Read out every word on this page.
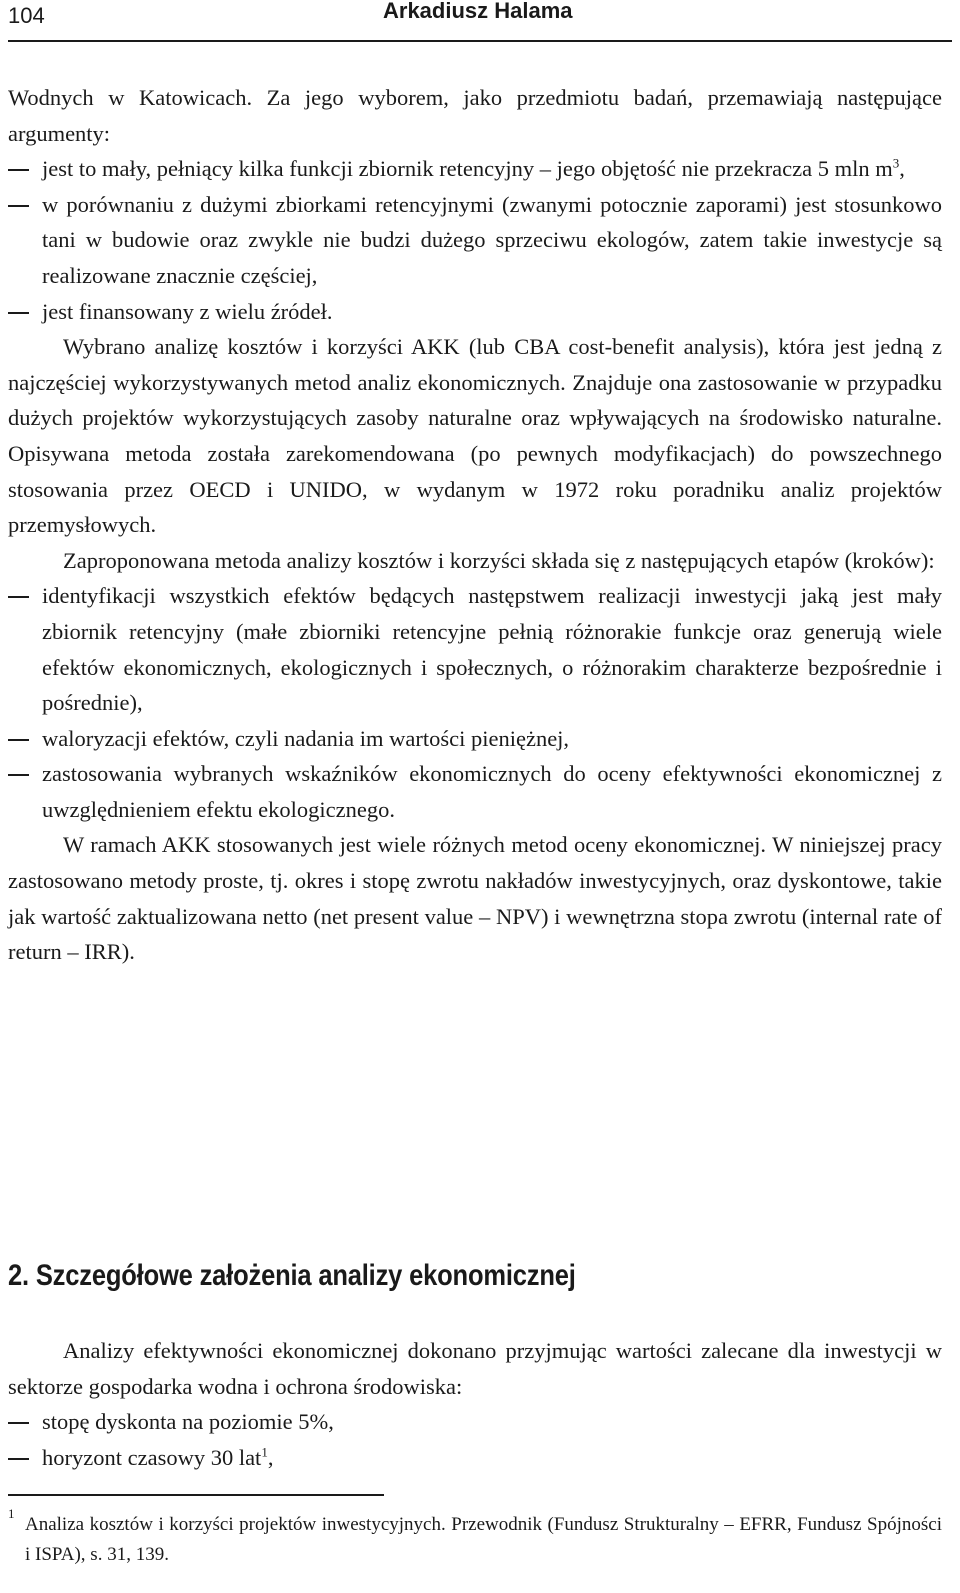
104	Arkadiusz Halama

Wodnych w Katowicach. Za jego wyborem, jako przedmiotu badań, przemawiają następujące argumenty:

jest to mały, pełniący kilka funkcji zbiornik retencyjny – jego objętość nie przekracza 5 mln $m^3$,
w porównaniu z dużymi zbiorkami retencyjnymi (zwanymi potocznie zaporami) jest stosunkowo tani w budowie oraz zwykle nie budzi dużego sprzeciwu ekologów, zatem takie inwestycje są realizowane znacznie częściej,
jest finansowany z wielu źródeł.

Wybrano analizę kosztów i korzyści AKK (lub CBA cost-benefit analysis), która jest jedną z najczęściej wykorzystywanych metod analiz ekonomicznych. Znajduje ona zastosowanie w przypadku dużych projektów wykorzystujących zasoby naturalne oraz wpływających na środowisko naturalne. Opisywana metoda została zarekomendowana (po pewnych modyfikacjach) do powszechnego stosowania przez OECD i UNIDO, w wydanym w 1972 roku poradniku analiz projektów przemysłowych.

Zaproponowana metoda analizy kosztów i korzyści składa się z następujących etapów (kroków):

identyfikacji wszystkich efektów będących następstwem realizacji inwestycji jaką jest mały zbiornik retencyjny (małe zbiorniki retencyjne pełnią różnorakie funkcje oraz generują wiele efektów ekonomicznych, ekologicznych i społecznych, o różnorakim charakterze bezpośrednie i pośrednie),
waloryzacji efektów, czyli nadania im wartości pieniężnej,
zastosowania wybranych wskaźników ekonomicznych do oceny efektywności ekonomicznej z uwzględnieniem efektu ekologicznego.

W ramach AKK stosowanych jest wiele różnych metod oceny ekonomicznej. W niniejszej pracy zastosowano metody proste, tj. okres i stopę zwrotu nakładów inwestycyjnych, oraz dyskontowe, takie jak wartość zaktualizowana netto (net present value – NPV) i wewnętrzna stopa zwrotu (internal rate of return – IRR).

2. Szczegółowe założenia analizy ekonomicznej

Analizy efektywności ekonomicznej dokonano przyjmując wartości zalecane dla inwestycji w sektorze gospodarka wodna i ochrona środowiska:

stopę dyskonta na poziomie 5%,
horyzont czasowy 30 lat$^1$,

1
Analiza kosztów i korzyści projektów inwestycyjnych. Przewodnik (Fundusz Strukturalny – EFRR, Fundusz Spójności i ISPA), s. 31, 139.
